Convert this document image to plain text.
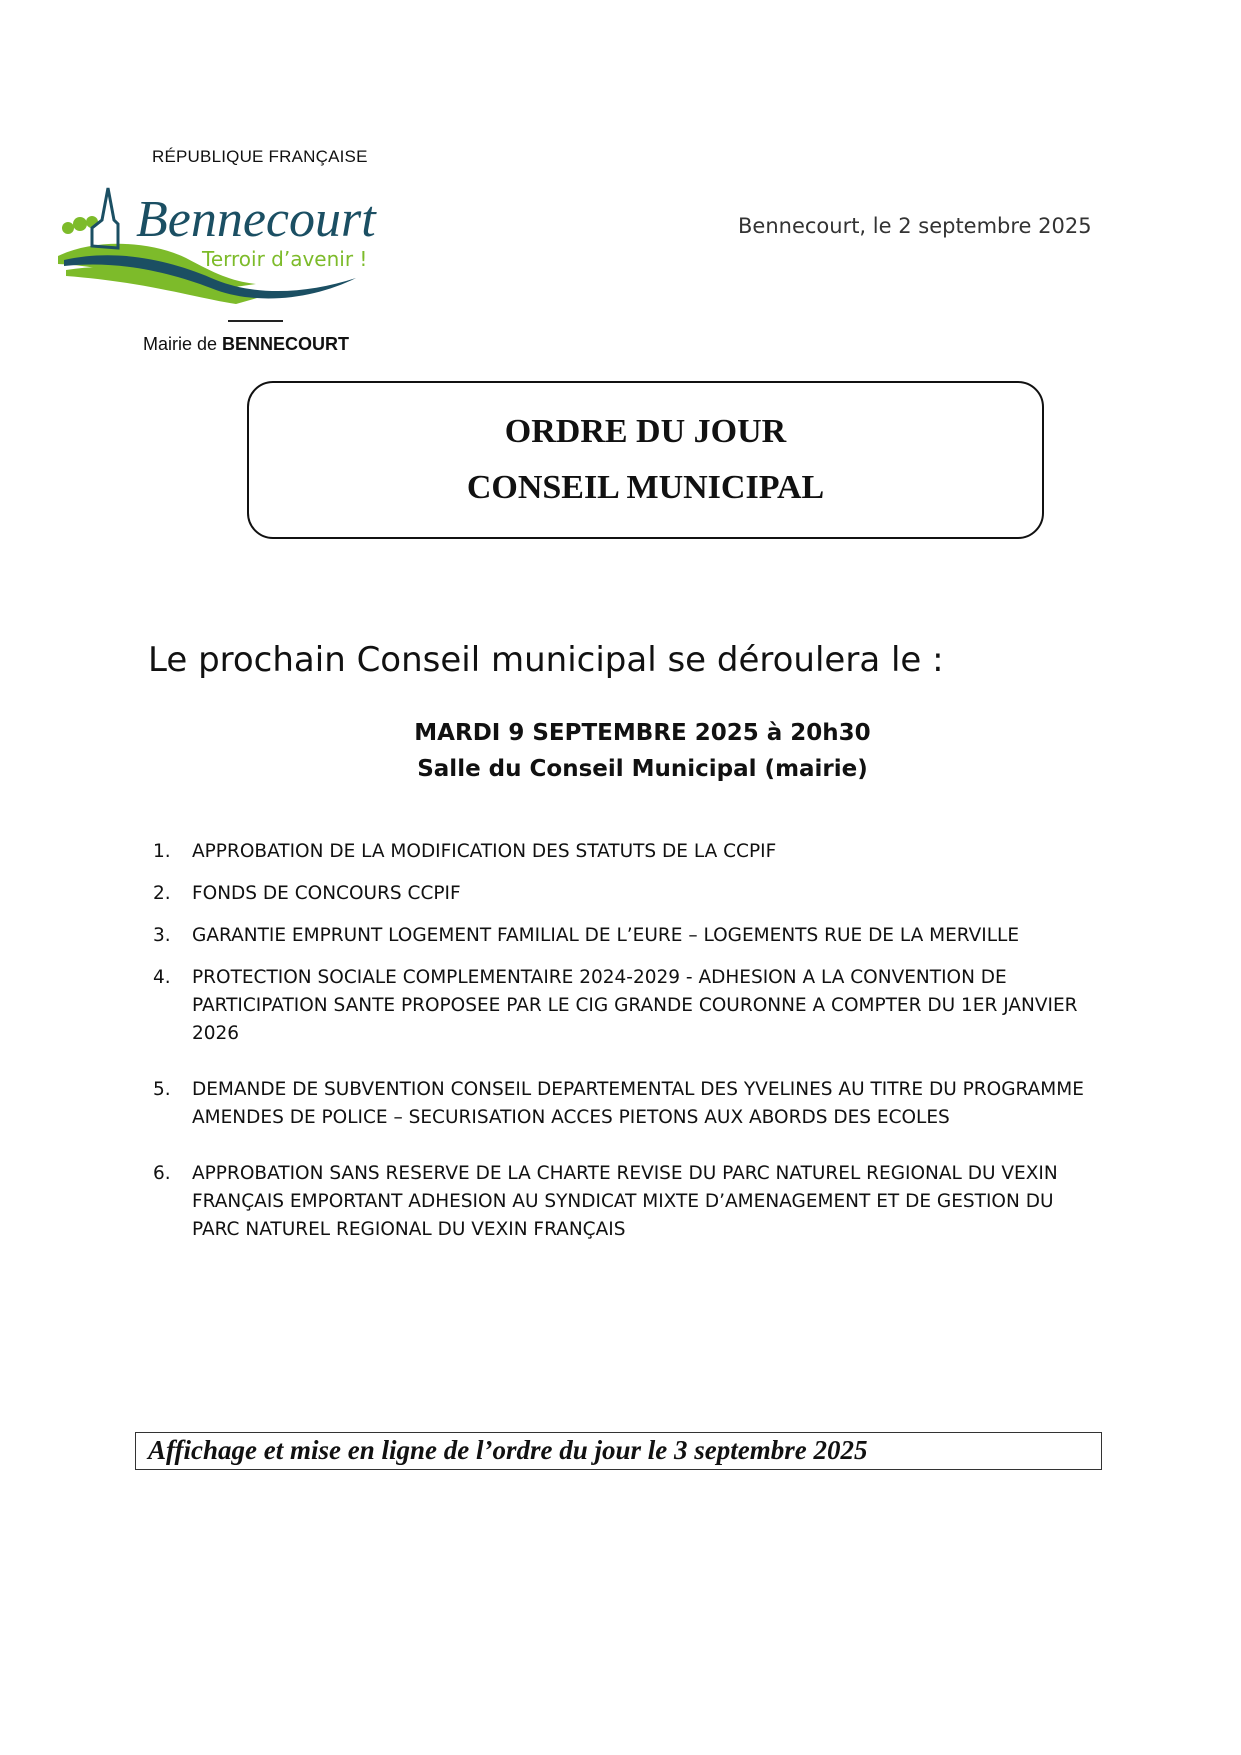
RÉPUBLIQUE FRANÇAISE
Bennecourt
Terroir d’avenir !
Mairie de BENNECOURT
Bennecourt, le 2 septembre 2025
ORDRE DU JOUR
CONSEIL MUNICIPAL
Le prochain Conseil municipal se déroulera le :
MARDI 9 SEPTEMBRE 2025 à 20h30
Salle du Conseil Municipal (mairie)
1.	APPROBATION DE LA MODIFICATION DES STATUTS DE LA CCPIF
2.	FONDS DE CONCOURS CCPIF
3.	GARANTIE EMPRUNT LOGEMENT FAMILIAL DE L’EURE – LOGEMENTS RUE DE LA MERVILLE
4.	PROTECTION SOCIALE COMPLEMENTAIRE 2024-2029 - ADHESION A LA CONVENTION DE PARTICIPATION SANTE PROPOSEE PAR LE CIG GRANDE COURONNE A COMPTER DU 1ER JANVIER 2026
5.	DEMANDE DE SUBVENTION CONSEIL DEPARTEMENTAL DES YVELINES AU TITRE DU PROGRAMME AMENDES DE POLICE – SECURISATION ACCES PIETONS AUX ABORDS DES ECOLES
6.	APPROBATION SANS RESERVE DE LA CHARTE REVISE DU PARC NATUREL REGIONAL DU VEXIN FRANÇAIS EMPORTANT ADHESION AU SYNDICAT MIXTE D’AMENAGEMENT ET DE GESTION DU PARC NATUREL REGIONAL DU VEXIN FRANÇAIS
Affichage et mise en ligne de l’ordre du jour le 3 septembre 2025
